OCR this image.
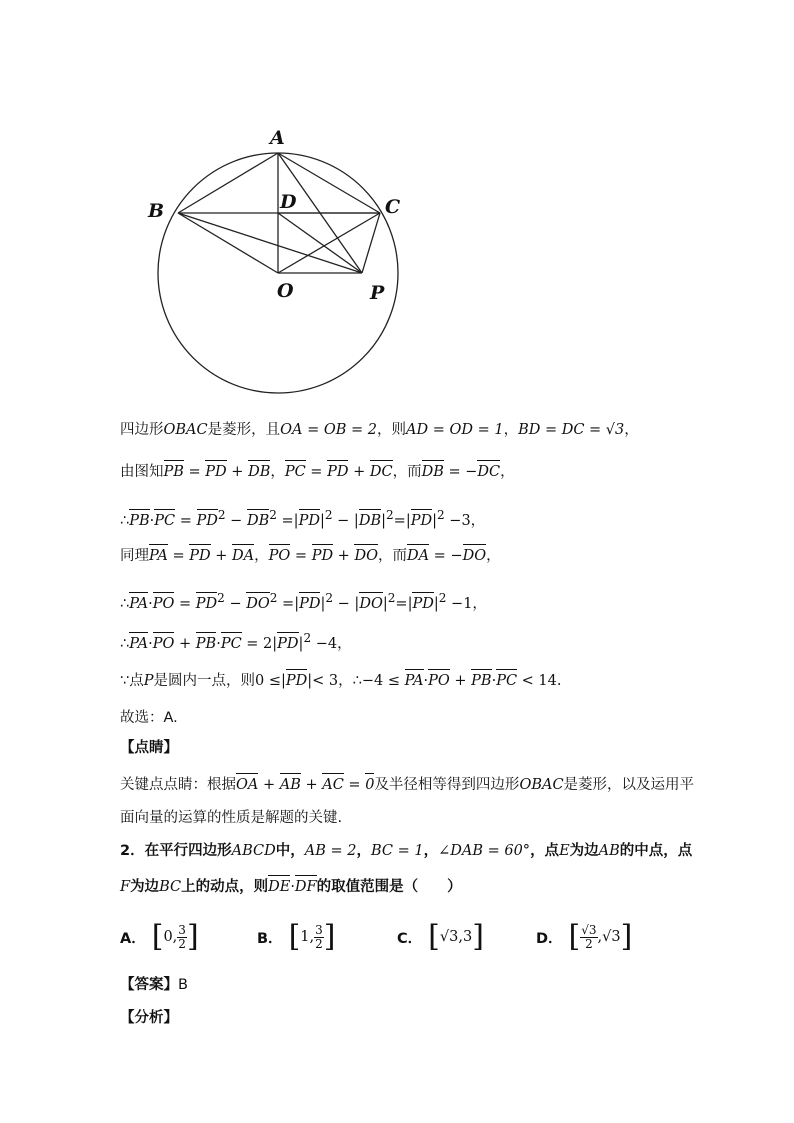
A
B	C
D
O	P
四边形OBAC是菱形，且OA = OB = 2，则AD = OD = 1，BD = DC = √3，
由图知PB = PD + DB，PC = PD + DC，而DB = −DC，
∴PB·PC = $PD^2 - DB^2 =|PD|^2 - |DB|^2=|PD|^2 -3$，
同理PA = PD + DA，PO = PD + DO，而DA = −DO，
∴PA·PO = $PD^2 - DO^2 =|PD|^2 - |DO|^2=|PD|^2 -1$，
∴PA·PO + $PB\cdot PC = 2|PD|^2 -4$，
∵点P是圆内一点，则0 ≤|PD|< 3，∴−4 ≤ PA·PO + PB·PC < 14.
故选：A.
【点睛】
关键点点睛：根据OA + AB + AC = 0及半径相等得到四边形OBAC是菱形，以及运用平
面向量的运算的性质是解题的关键.
2．在平行四边形ABCD中，AB = 2，BC = 1，∠DAB = 60°，点E为边AB的中点，点
F为边BC上的动点，则DE·DF的取值范围是（　　）
A． [ 0, $\frac{3}{2}$ ]	B． [ 1, $\frac{3}{2}$ ]	C． [ √3,3 ]	D． [ $\frac{√3}{2} ,√3$ ]
【答案】B
【分析】
